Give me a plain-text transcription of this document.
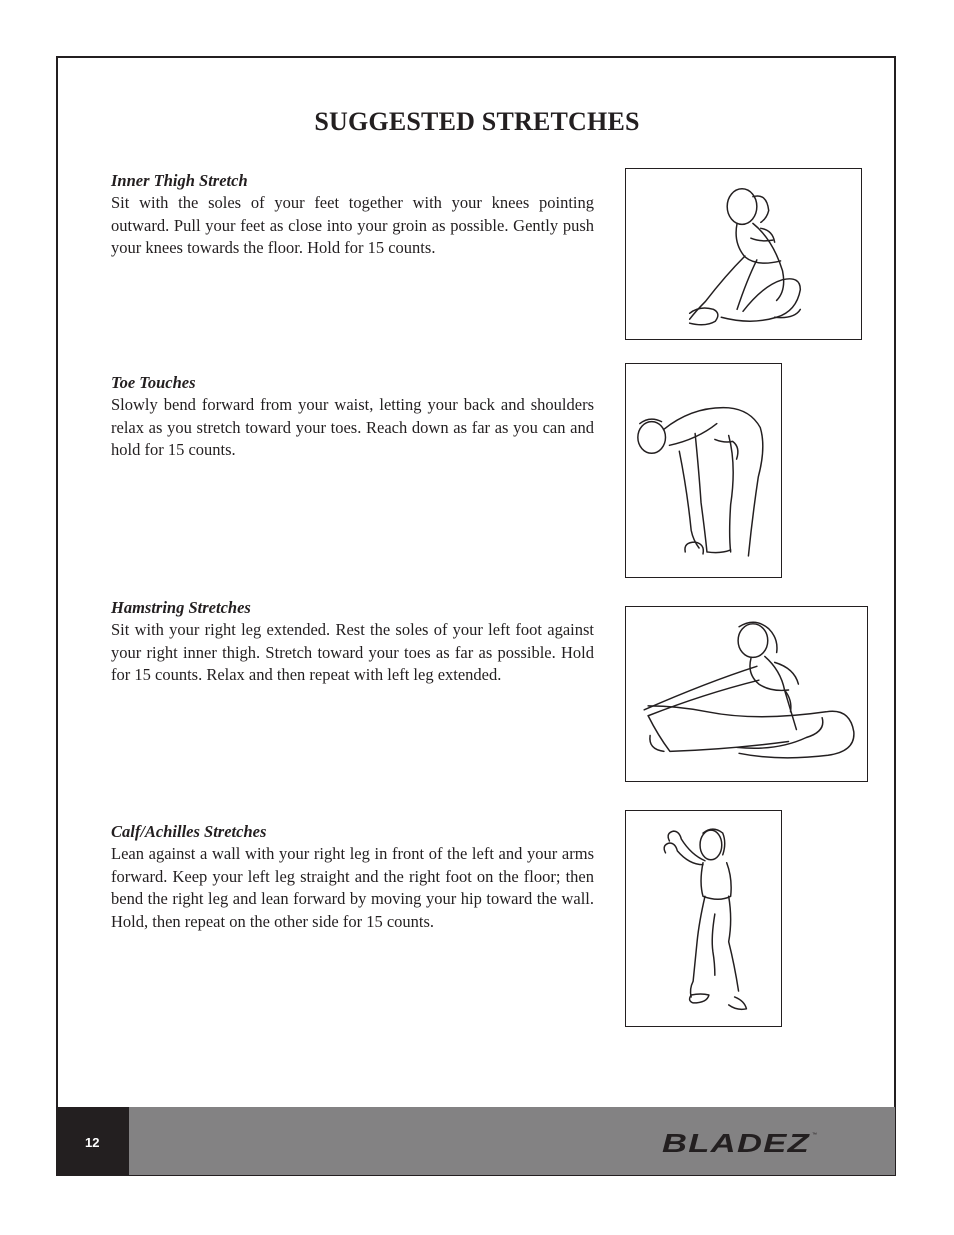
SUGGESTED STRETCHES
Inner Thigh Stretch

Sit with the soles of your feet together with your knees pointing outward. Pull your feet as close into your groin as possible. Gently push your knees towards the floor. Hold for 15 counts.

Toe Touches

Slowly bend forward from your waist, letting your back and shoulders relax as you stretch toward your toes. Reach down as far as you can and hold for 15 counts.

Hamstring Stretches

Sit with your right leg extended. Rest the soles of your left foot against your right inner thigh. Stretch toward your toes as far as possible. Hold for 15 counts. Relax and then repeat with left leg extended.

Calf/Achilles Stretches

Lean against a wall with your right leg in front of the left and your arms forward. Keep your left leg straight and the right foot on the floor; then bend the right leg and lean forward by moving your hip toward the wall. Hold, then repeat on the other side for 15 counts.

12	BLADEZ ™
